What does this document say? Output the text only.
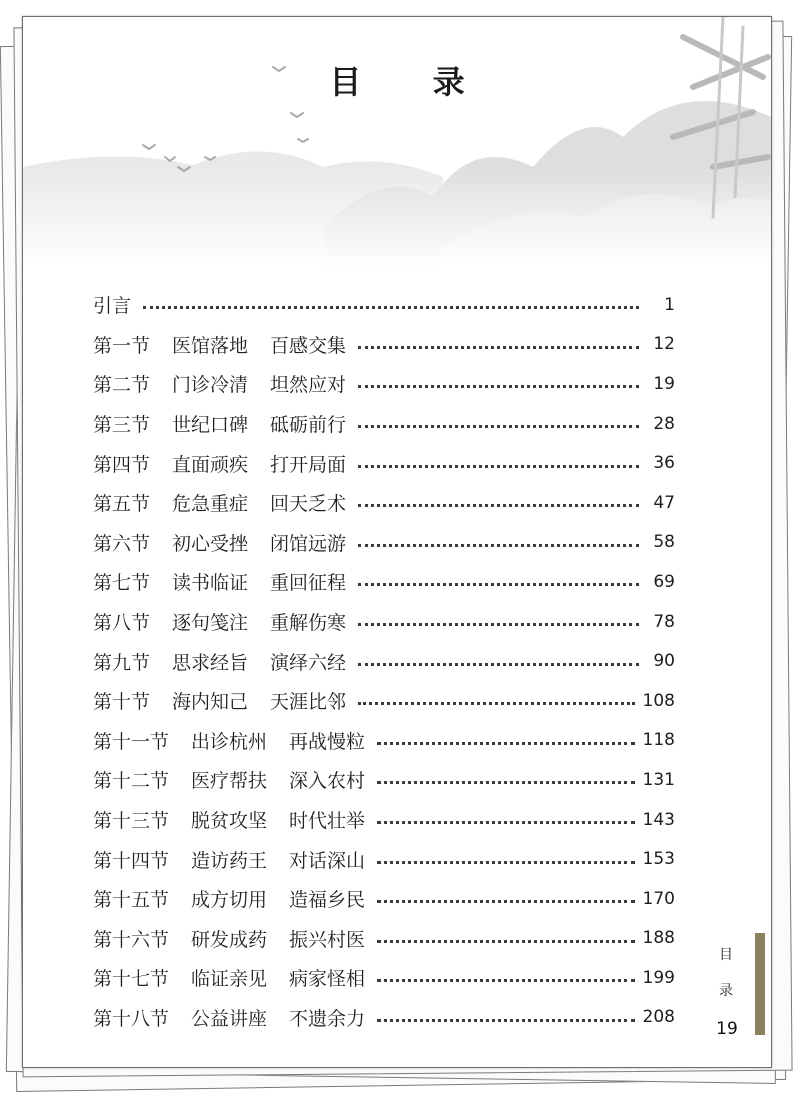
目 录
引言	1
第一节 医馆落地 百感交集	12
第二节 门诊冷清 坦然应对	19
第三节 世纪口碑 砥砺前行	28
第四节 直面顽疾 打开局面	36
第五节 危急重症 回天乏术	47
第六节 初心受挫 闭馆远游	58
第七节 读书临证 重回征程	69
第八节 逐句笺注 重解伤寒	78
第九节 思求经旨 演绎六经	90
第十节 海内知己 天涯比邻	108
第十一节 出诊杭州 再战慢粒	118
第十二节 医疗帮扶 深入农村	131
第十三节 脱贫攻坚 时代壮举	143
第十四节 造访药王 对话深山	153
第十五节 成方切用 造福乡民	170
第十六节 研发成药 振兴村医	188
第十七节 临证亲见 病家怪相	199
第十八节 公益讲座 不遗余力	208
目
录
19
